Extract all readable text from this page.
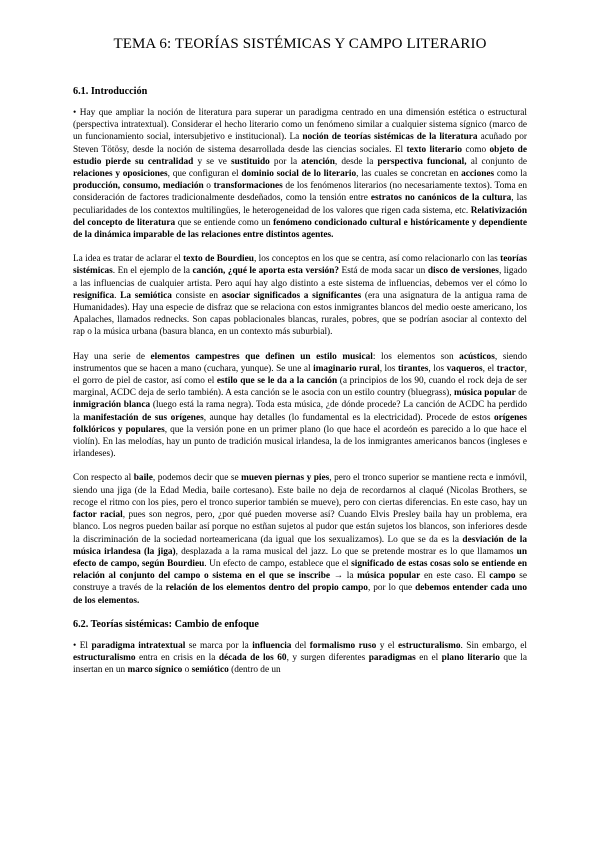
TEMA 6: TEORÍAS SISTÉMICAS Y CAMPO LITERARIO
6.1. Introducción

• Hay que ampliar la noción de literatura para superar un paradigma centrado en una dimensión estética o estructural (perspectiva intratextual). Considerar el hecho literario como un fenómeno similar a cualquier sistema sígnico (marco de un funcionamiento social, intersubjetivo e institucional). La noción de teorías sistémicas de la literatura acuñado por Steven Tötösy, desde la noción de sistema desarrollada desde las ciencias sociales. El texto literario como objeto de estudio pierde su centralidad y se ve sustituido por la atención, desde la perspectiva funcional, al conjunto de relaciones y oposiciones, que configuran el dominio social de lo literario, las cuales se concretan en acciones como la producción, consumo, mediación o transformaciones de los fenómenos literarios (no necesariamente textos). Toma en consideración de factores tradicionalmente desdeñados, como la tensión entre estratos no canónicos de la cultura, las peculiaridades de los contextos multilingües, le heterogeneidad de los valores que rigen cada sistema, etc. Relativización del concepto de literatura que se entiende como un fenómeno condicionado cultural e históricamente y dependiente de la dinámica imparable de las relaciones entre distintos agentes.

La idea es tratar de aclarar el texto de Bourdieu, los conceptos en los que se centra, así como relacionarlo con las teorías sistémicas. En el ejemplo de la canción, ¿qué le aporta esta versión? Está de moda sacar un disco de versiones, ligado a las influencias de cualquier artista. Pero aquí hay algo distinto a este sistema de influencias, debemos ver el cómo lo resignifica. La semiótica consiste en asociar significados a significantes (era una asignatura de la antigua rama de Humanidades). Hay una especie de disfraz que se relaciona con estos inmigrantes blancos del medio oeste americano, los Apalaches, llamados rednecks. Son capas poblacionales blancas, rurales, pobres, que se podrían asociar al contexto del rap o la música urbana (basura blanca, en un contexto más suburbial).

Hay una serie de elementos campestres que definen un estilo musical: los elementos son acústicos, siendo instrumentos que se hacen a mano (cuchara, yunque). Se une al imaginario rural, los tirantes, los vaqueros, el tractor, el gorro de piel de castor, así como el estilo que se le da a la canción (a principios de los 90, cuando el rock deja de ser marginal, ACDC deja de serlo también). A esta canción se le asocia con un estilo country (bluegrass), música popular de inmigración blanca (luego está la rama negra). Toda esta música, ¿de dónde procede? La canción de ACDC ha perdido la manifestación de sus orígenes, aunque hay detalles (lo fundamental es la electricidad). Procede de estos orígenes folklóricos y populares, que la versión pone en un primer plano (lo que hace el acordeón es parecido a lo que hace el violín). En las melodías, hay un punto de tradición musical irlandesa, la de los inmigrantes americanos bancos (ingleses e irlandeses).

Con respecto al baile, podemos decir que se mueven piernas y pies, pero el tronco superior se mantiene recta e inmóvil, siendo una jiga (de la Edad Media, baile cortesano). Este baile no deja de recordarnos al claqué (Nicolas Brothers, se recoge el ritmo con los pies, pero el tronco superior también se mueve), pero con ciertas diferencias. En este caso, hay un factor racial, pues son negros, pero, ¿por qué pueden moverse así? Cuando Elvis Presley baila hay un problema, era blanco. Los negros pueden bailar así porque no estñan sujetos al pudor que están sujetos los blancos, son inferiores desde la discriminación de la sociedad norteamericana (da igual que los sexualizamos). Lo que se da es la desviación de la música irlandesa (la jiga), desplazada a la rama musical del jazz. Lo que se pretende mostrar es lo que llamamos un efecto de campo, según Bourdieu. Un efecto de campo, establece que el significado de estas cosas solo se entiende en relación al conjunto del campo o sistema en el que se inscribe → la música popular en este caso. El campo se construye a través de la relación de los elementos dentro del propio campo, por lo que debemos entender cada uno de los elementos.

6.2. Teorías sistémicas: Cambio de enfoque

• El paradigma intratextual se marca por la influencia del formalismo ruso y el estructuralismo. Sin embargo, el estructuralismo entra en crisis en la década de los 60, y surgen diferentes paradigmas en el plano literario que la insertan en un marco sígnico o semiótico (dentro de un
